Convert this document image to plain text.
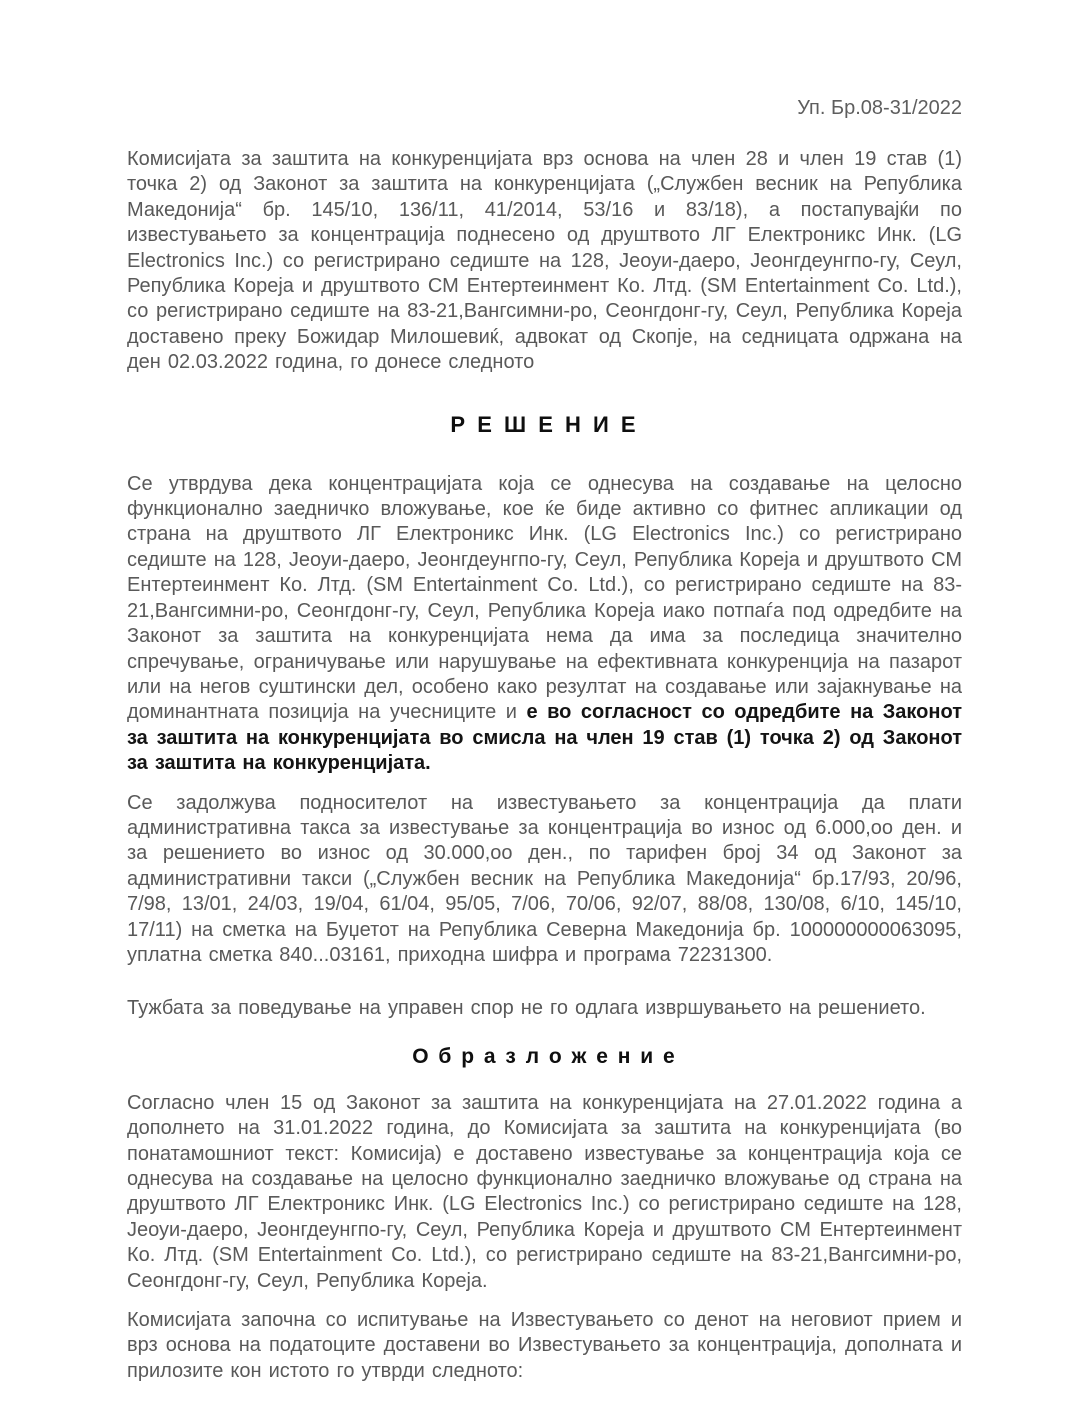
Уп. Бр.08-31/2022

Комисијата за заштита на конкуренцијата врз основа на член 28 и член 19 став (1) точка 2) од Законот за заштита на конкуренцијата („Службен весник на Република Македонија“ бр. 145/10, 136/11, 41/2014, 53/16 и 83/18), а постапувајќи по известувањето за концентрација поднесено од друштвото ЛГ Електроникс Инк. (LG Electronics Inc.) со регистрирано седиште на 128, Јеоуи-даеро, Јеонгдеунгпо-гу, Сеул, Република Кореја и друштвото СМ Ентертеинмент Ко. Лтд. (SM Entertainment Co. Ltd.), со регистрирано седиште на 83-21,Вангсимни-ро, Сеонгдонг-гу, Сеул, Република Кореја доставено преку Божидар Милошевиќ, адвокат од Скопје, на седницата одржана на ден 02.03.2022 година, го донесе следното

Р Е Ш Е Н И Е

Се утврдува дека концентрацијата која се однесува на создавање на целосно функционално заедничко вложување, кое ќе биде активно со фитнес апликации од страна на друштвото ЛГ Електроникс Инк. (LG Electronics Inc.) со регистрирано седиште на 128, Јеоуи-даеро, Јеонгдеунгпо-гу, Сеул, Република Кореја и друштвото СМ Ентертеинмент Ко. Лтд. (SM Entertainment Co. Ltd.), со регистрирано седиште на 83-21,Вангсимни-ро, Сеонгдонг-гу, Сеул, Република Кореја иако потпаѓа под одредбите на Законот за заштита на конкуренцијата нема да има за последица значително спречување, ограничување или нарушување на ефективната конкуренција на пазарот или на негов суштински дел, особено како резултат на создавање или зајакнување на доминантната позиција на учесниците и е во согласност со одредбите на Законот за заштита на конкуренцијата во смисла на член 19 став (1) точка 2) од Законот за заштита на конкуренцијата.

Се задолжува подносителот на известувањето за концентрација да плати административна такса за известување за концентрација во износ од 6.000,оо ден. и за решението во износ од 30.000,оо ден., по тарифен број 34 од Законот за административни такси („Службен весник на Република Македонија“ бр.17/93, 20/96, 7/98, 13/01, 24/03, 19/04, 61/04, 95/05, 7/06, 70/06, 92/07, 88/08, 130/08, 6/10, 145/10, 17/11) на сметка на Буџетот на Република Северна Македонија бр. 100000000063095, уплатна сметка 840...03161, приходна шифра и програма 72231300.

Тужбата за поведување на управен спор не го одлага извршувањето на решението.

О б р а з л о ж е н и е

Согласно член 15 од Законот за заштита на конкуренцијата на 27.01.2022 година а дополнето на 31.01.2022 година, до Комисијата за заштита на конкуренцијата (во понатамошниот текст: Комисија) е доставено известување за концентрација која се однесува на создавање на целосно функционално заедничко вложување од страна на друштвото ЛГ Електроникс Инк. (LG Electronics Inc.) со регистрирано седиште на 128, Јеоуи-даеро, Јеонгдеунгпо-гу, Сеул, Република Кореја и друштвото СМ Ентертеинмент Ко. Лтд. (SM Entertainment Co. Ltd.), со регистрирано седиште на 83-21,Вангсимни-ро, Сеонгдонг-гу, Сеул, Република Кореја.

Комисијата започна со испитување на Известувањето со денот на неговиот прием и врз основа на податоците доставени во Известувањето за концентрација, дополната и прилозите кон истото го утврди следното:
